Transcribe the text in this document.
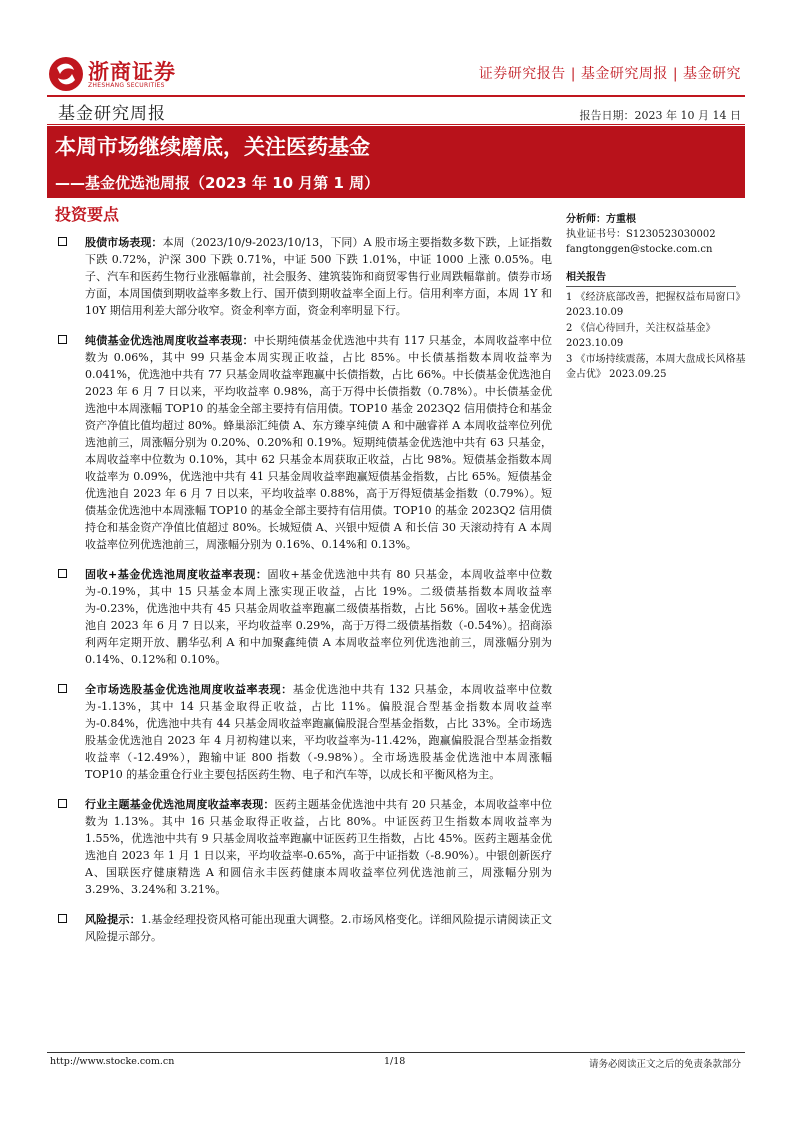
浙商证券
ZHESHANG SECURITIES
证券研究报告 | 基金研究周报 | 基金研究
基金研究周报	报告日期：2023 年 10 月 14 日
本周市场继续磨底，关注医药基金
——基金优选池周报（2023 年 10 月第 1 周）
投资要点
股债市场表现：本周（2023/10/9-2023/10/13，下同）A 股市场主要指数多数下跌，上证指数下跌 0.72%，沪深 300 下跌 0.71%，中证 500 下跌 1.01%，中证 1000 上涨 0.05%。电子、汽车和医药生物行业涨幅靠前，社会服务、建筑装饰和商贸零售行业周跌幅靠前。债券市场方面，本周国债到期收益率多数上行、国开债到期收益率全面上行。信用利率方面，本周 1Y 和 10Y 期信用利差大部分收窄。资金利率方面，资金利率明显下行。
纯债基金优选池周度收益率表现：中长期纯债基金优选池中共有 117 只基金，本周收益率中位数为 0.06%，其中 99 只基金本周实现正收益，占比 85%。中长债基指数本周收益率为 0.041%，优选池中共有 77 只基金周收益率跑赢中长债指数，占比 66%。中长债基金优选池自 2023 年 6 月 7 日以来，平均收益率 0.98%，高于万得中长债指数（0.78%）。中长债基金优选池中本周涨幅 TOP10 的基金全部主要持有信用债。TOP10 基金 2023Q2 信用债持仓和基金资产净值比值均超过 80%。蜂巢添汇纯债 A、东方臻享纯债 A 和中融睿祥 A 本周收益率位列优选池前三，周涨幅分别为 0.20%、0.20%和 0.19%。短期纯债基金优选池中共有 63 只基金，本周收益率中位数为 0.10%，其中 62 只基金本周获取正收益，占比 98%。短债基金指数本周收益率为 0.09%，优选池中共有 41 只基金周收益率跑赢短债基金指数，占比 65%。短债基金优选池自 2023 年 6 月 7 日以来，平均收益率 0.88%，高于万得短债基金指数（0.79%）。短债基金优选池中本周涨幅 TOP10 的基金全部主要持有信用债。TOP10 的基金 2023Q2 信用债持仓和基金资产净值比值超过 80%。长城短债 A、兴银中短债 A 和长信 30 天滚动持有 A 本周收益率位列优选池前三，周涨幅分别为 0.16%、0.14%和 0.13%。
固收+基金优选池周度收益率表现：固收+基金优选池中共有 80 只基金，本周收益率中位数为-0.19%，其中 15 只基金本周上涨实现正收益，占比 19%。二级债基指数本周收益率为-0.23%，优选池中共有 45 只基金周收益率跑赢二级债基指数，占比 56%。固收+基金优选池自 2023 年 6 月 7 日以来，平均收益率 0.29%，高于万得二级债基指数（-0.54%）。招商添利两年定期开放、鹏华弘利 A 和中加聚鑫纯债 A 本周收益率位列优选池前三，周涨幅分别为 0.14%、0.12%和 0.10%。
全市场选股基金优选池周度收益率表现：基金优选池中共有 132 只基金，本周收益率中位数为-1.13%，其中 14 只基金取得正收益，占比 11%。偏股混合型基金指数本周收益率为-0.84%，优选池中共有 44 只基金周收益率跑赢偏股混合型基金指数，占比 33%。全市场选股基金优选池自 2023 年 4 月初构建以来，平均收益率为-11.42%，跑赢偏股混合型基金指数收益率（-12.49%），跑输中证 800 指数（-9.98%）。全市场选股基金优选池中本周涨幅 TOP10 的基金重仓行业主要包括医药生物、电子和汽车等，以成长和平衡风格为主。
行业主题基金优选池周度收益率表现：医药主题基金优选池中共有 20 只基金，本周收益率中位数为 1.13%。其中 16 只基金取得正收益，占比 80%。中证医药卫生指数本周收益率为 1.55%，优选池中共有 9 只基金周收益率跑赢中证医药卫生指数，占比 45%。医药主题基金优选池自 2023 年 1 月 1 日以来，平均收益率-0.65%，高于中证指数（-8.90%）。中银创新医疗 A、国联医疗健康精选 A 和圆信永丰医药健康本周收益率位列优选池前三，周涨幅分别为 3.29%、3.24%和 3.21%。
风险提示：1.基金经理投资风格可能出现重大调整。2.市场风格变化。详细风险提示请阅读正文风险提示部分。
分析师：方重根
执业证书号：S1230523030002
fangtonggen@stocke.com.cn
相关报告
1 《经济底部改善，把握权益布局窗口》 2023.10.09
2 《信心待回升，关注权益基金》 2023.10.09
3 《市场持续震荡，本周大盘成长风格基金占优》 2023.09.25
http://www.stocke.com.cn	1/18	请务必阅读正文之后的免责条款部分
